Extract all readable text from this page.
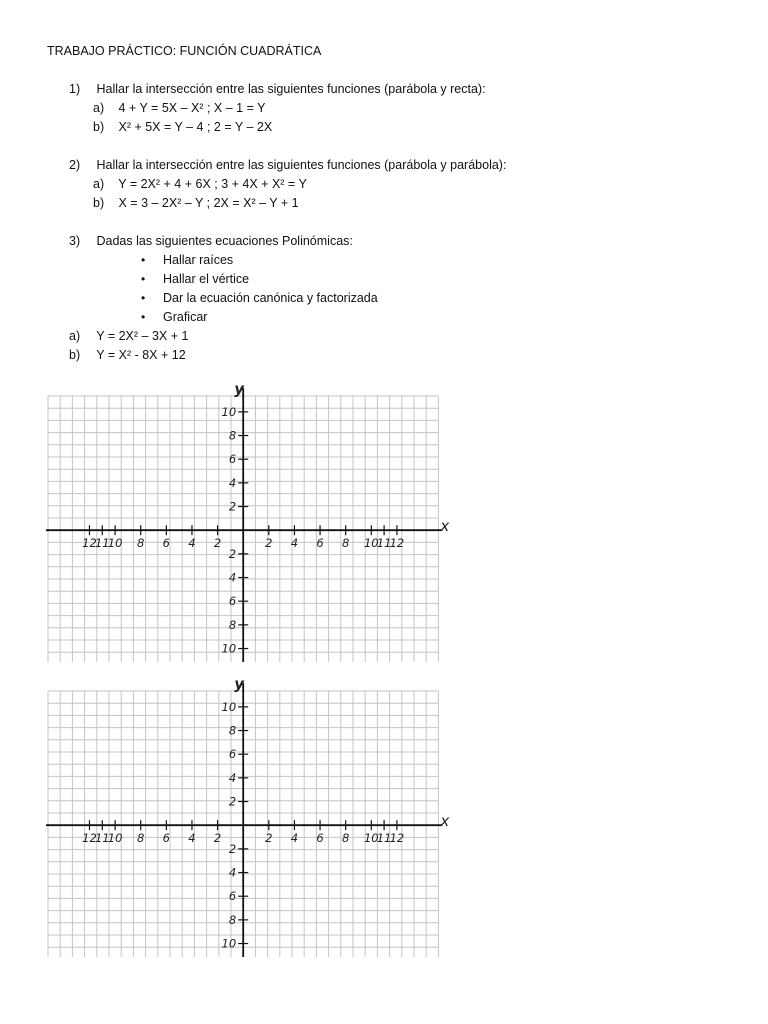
TRABAJO PRÁCTICO: FUNCIÓN CUADRÁTICA
1) Hallar la intersección entre las siguientes funciones (parábola y recta):
a) 4 + Y = 5X – X² ; X – 1 = Y
b) X² + 5X = Y – 4 ; 2 = Y – 2X
2) Hallar la intersección entre las siguientes funciones (parábola y parábola):
a) Y = 2X² + 4 + 6X ; 3 + 4X + X² = Y
b) X = 3 – 2X² – Y ; 2X = X² – Y + 1
3) Dadas las siguientes ecuaciones Polinómicas:
• Hallar raíces
• Hallar el vértice
• Dar la ecuación canónica y factorizada
• Graficar
a) Y = 2X² – 3X + 1
b) Y = X² - 8X + 12
x
y
12
11
10 8 6 4 2	2 4 6 8 10
11
12
10
8
6
4
2
2
4
6
8
10
x
y
12
11
10 8 6 4 2	2 4 6 8 10
11
12
10
8
6
4
2
2
4
6
8
10
